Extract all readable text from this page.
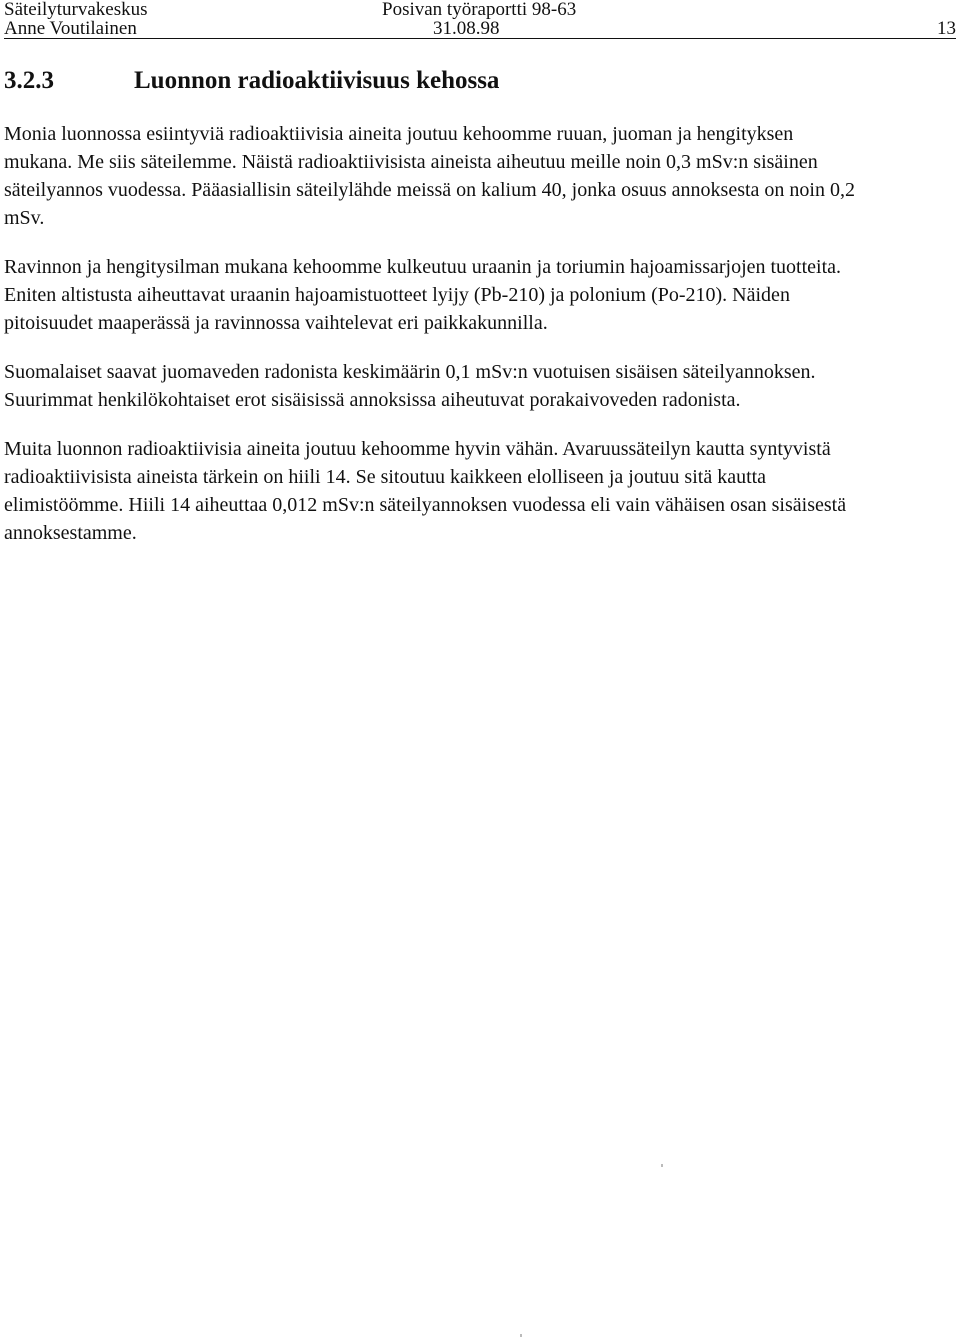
Säteilyturvakeskus
Anne Voutilainen
Posivan työraportti 98-63
31.08.98	13
3.2.3	Luonnon radioaktiivisuus kehossa

Monia luonnossa esiintyviä radioaktiivisia aineita joutuu kehoomme ruuan, juoman ja hengityksen mukana. Me siis säteilemme. Näistä radioaktiivisista aineista aiheutuu meille noin 0,3 mSv:n sisäinen säteilyannos vuodessa. Pääasiallisin säteilylähde meissä on kalium 40, jonka osuus annoksesta on noin 0,2 mSv.

Ravinnon ja hengitysilman mukana kehoomme kulkeutuu uraanin ja toriumin hajoamissarjojen tuotteita. Eniten altistusta aiheuttavat uraanin hajoamistuotteet lyijy (Pb-210) ja polonium (Po-210). Näiden pitoisuudet maaperässä ja ravinnossa vaihtelevat eri paikkakunnilla.

Suomalaiset saavat juomaveden radonista keskimäärin 0,1 mSv:n vuotuisen sisäisen säteilyannoksen. Suurimmat henkilökohtaiset erot sisäisissä annoksissa aiheutuvat porakaivoveden radonista.

Muita luonnon radioaktiivisia aineita joutuu kehoomme hyvin vähän. Avaruussäteilyn kautta syntyvistä radioaktiivisista aineista tärkein on hiili 14. Se sitoutuu kaikkeen elolliseen ja joutuu sitä kautta elimistöömme. Hiili 14 aiheuttaa 0,012 mSv:n säteilyannoksen vuodessa eli vain vähäisen osan sisäisestä annoksestamme.
